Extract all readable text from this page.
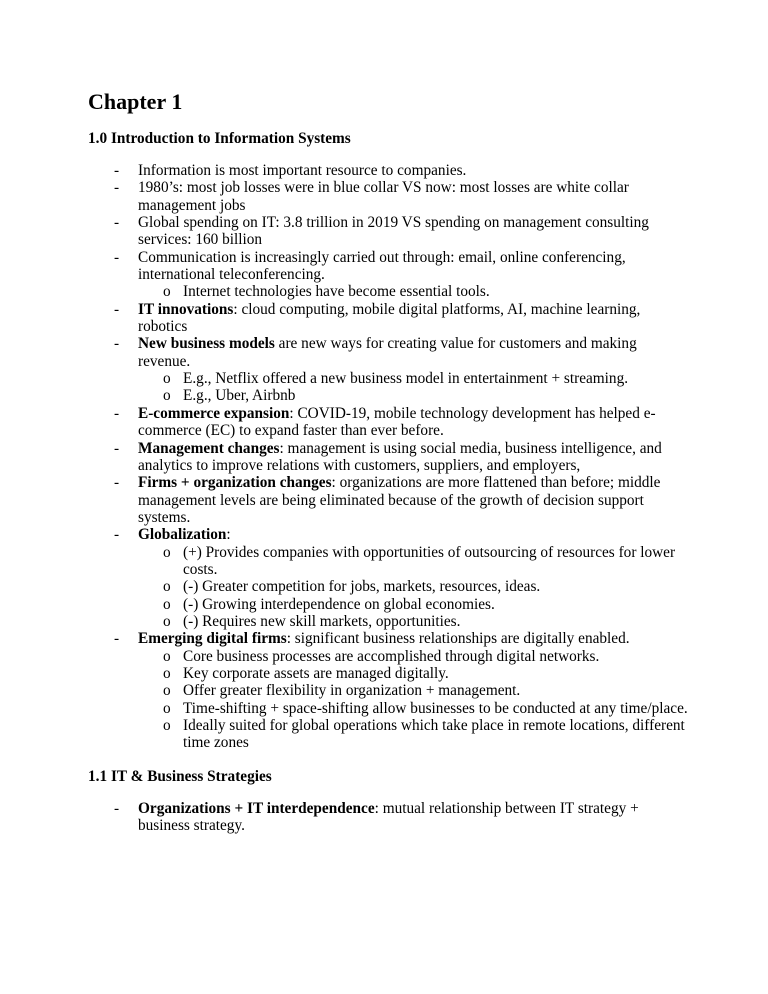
Chapter 1
1.0 Introduction to Information Systems
- Information is most important resource to companies.
- 1980’s: most job losses were in blue collar VS now: most losses are white collar management jobs
- Global spending on IT: 3.8 trillion in 2019 VS spending on management consulting services: 160 billion
- Communication is increasingly carried out through: email, online conferencing, international teleconferencing.
o Internet technologies have become essential tools.
- IT innovations: cloud computing, mobile digital platforms, AI, machine learning, robotics
- New business models are new ways for creating value for customers and making revenue.
o E.g., Netflix offered a new business model in entertainment + streaming.
o E.g., Uber, Airbnb
- E-commerce expansion: COVID-19, mobile technology development has helped e-commerce (EC) to expand faster than ever before.
- Management changes: management is using social media, business intelligence, and analytics to improve relations with customers, suppliers, and employers,
- Firms + organization changes: organizations are more flattened than before; middle management levels are being eliminated because of the growth of decision support systems.
- Globalization:
o (+) Provides companies with opportunities of outsourcing of resources for lower costs.
o (-) Greater competition for jobs, markets, resources, ideas.
o (-) Growing interdependence on global economies.
o (-) Requires new skill markets, opportunities.
- Emerging digital firms: significant business relationships are digitally enabled.
o Core business processes are accomplished through digital networks.
o Key corporate assets are managed digitally.
o Offer greater flexibility in organization + management.
o Time-shifting + space-shifting allow businesses to be conducted at any time/place.
o Ideally suited for global operations which take place in remote locations, different time zones
1.1 IT & Business Strategies
- Organizations + IT interdependence: mutual relationship between IT strategy + business strategy.
